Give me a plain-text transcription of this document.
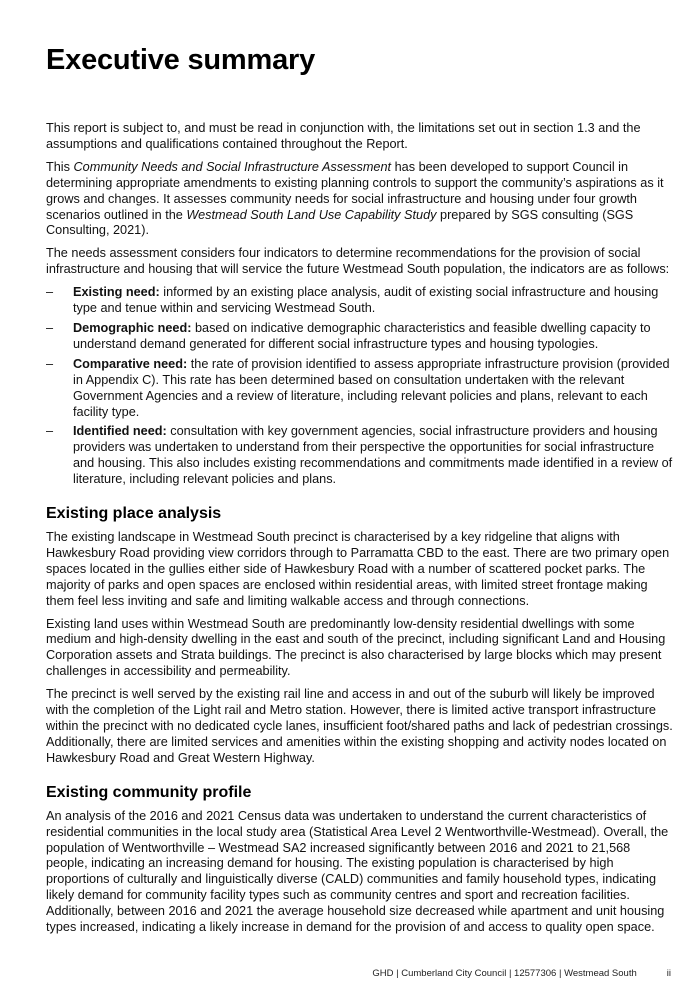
Executive summary

This report is subject to, and must be read in conjunction with, the limitations set out in section 1.3 and the assumptions and qualifications contained throughout the Report.

This Community Needs and Social Infrastructure Assessment has been developed to support Council in determining appropriate amendments to existing planning controls to support the community’s aspirations as it grows and changes. It assesses community needs for social infrastructure and housing under four growth scenarios outlined in the Westmead South Land Use Capability Study prepared by SGS consulting (SGS Consulting, 2021).

The needs assessment considers four indicators to determine recommendations for the provision of social infrastructure and housing that will service the future Westmead South population, the indicators are as follows:

– Existing need: informed by an existing place analysis, audit of existing social infrastructure and housing type and tenue within and servicing Westmead South.
– Demographic need: based on indicative demographic characteristics and feasible dwelling capacity to understand demand generated for different social infrastructure types and housing typologies.
– Comparative need: the rate of provision identified to assess appropriate infrastructure provision (provided in Appendix C). This rate has been determined based on consultation undertaken with the relevant Government Agencies and a review of literature, including relevant policies and plans, relevant to each facility type.
– Identified need: consultation with key government agencies, social infrastructure providers and housing providers was undertaken to understand from their perspective the opportunities for social infrastructure and housing. This also includes existing recommendations and commitments made identified in a review of literature, including relevant policies and plans.
Existing place analysis

The existing landscape in Westmead South precinct is characterised by a key ridgeline that aligns with Hawkesbury Road providing view corridors through to Parramatta CBD to the east. There are two primary open spaces located in the gullies either side of Hawkesbury Road with a number of scattered pocket parks. The majority of parks and open spaces are enclosed within residential areas, with limited street frontage making them feel less inviting and safe and limiting walkable access and through connections.

Existing land uses within Westmead South are predominantly low-density residential dwellings with some medium and high-density dwelling in the east and south of the precinct, including significant Land and Housing Corporation assets and Strata buildings. The precinct is also characterised by large blocks which may present challenges in accessibility and permeability.

The precinct is well served by the existing rail line and access in and out of the suburb will likely be improved with the completion of the Light rail and Metro station. However, there is limited active transport infrastructure within the precinct with no dedicated cycle lanes, insufficient foot/shared paths and lack of pedestrian crossings. Additionally, there are limited services and amenities within the existing shopping and activity nodes located on Hawkesbury Road and Great Western Highway.

Existing community profile

An analysis of the 2016 and 2021 Census data was undertaken to understand the current characteristics of residential communities in the local study area (Statistical Area Level 2 Wentworthville-Westmead). Overall, the population of Wentworthville – Westmead SA2 increased significantly between 2016 and 2021 to 21,568 people, indicating an increasing demand for housing. The existing population is characterised by high proportions of culturally and linguistically diverse (CALD) communities and family household types, indicating likely demand for community facility types such as community centres and sport and recreation facilities. Additionally, between 2016 and 2021 the average household size decreased while apartment and unit housing types increased, indicating a likely increase in demand for the provision of and access to quality open space.

GHD | Cumberland City Council | 12577306 | Westmead South	ii
